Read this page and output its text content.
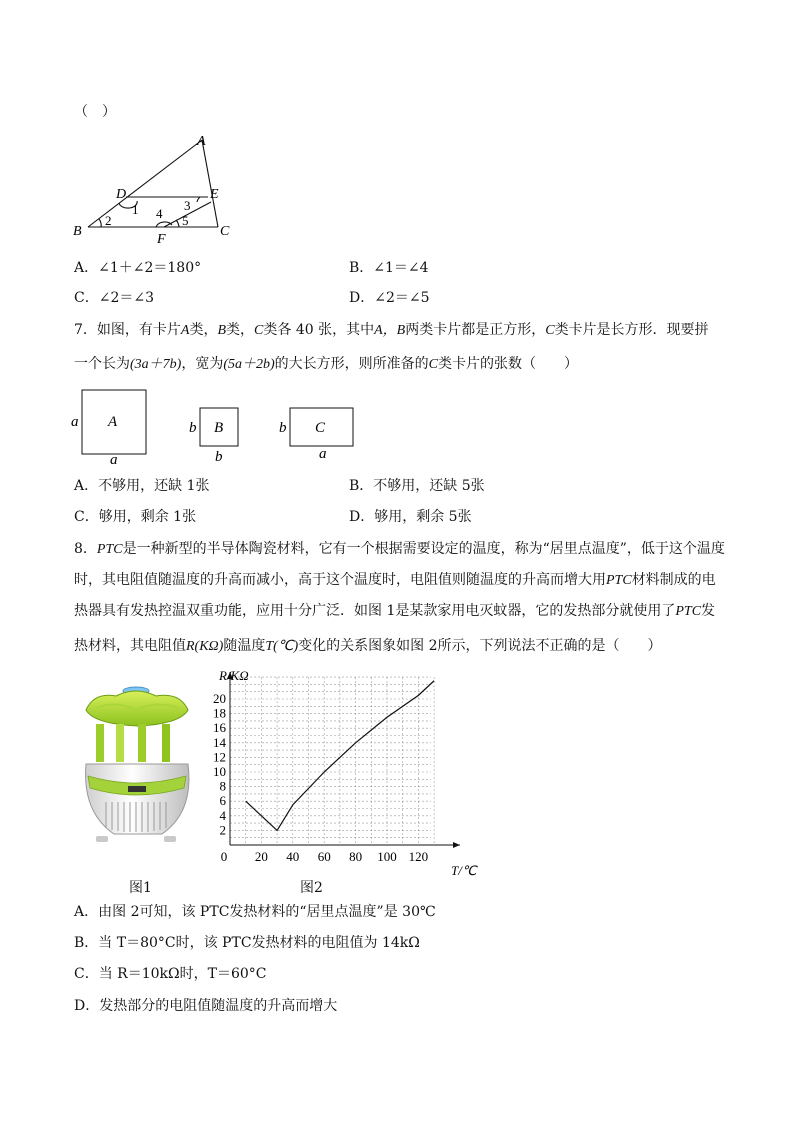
（　）
A
B	C
D	E
F
1
2
3
4 5
A．∠1＋∠2＝180°	B．∠1＝∠4
C．∠2＝∠3	D．∠2＝∠5
7．如图，有卡片A类，B类，C类各 40 张，其中A，B两类卡片都是正方形，C类卡片是长方形．现要拼
一个长为(3a＋7b)，宽为(5a＋2b)的大长方形，则所准备的C类卡片的张数（　　）
A
a
a
B
b
b
C
b
a
A．不够用，还缺 1张	B．不够用，还缺 5张
C．够用，剩余 1张	D．够用，剩余 5张
8．PTC是一种新型的半导体陶瓷材料，它有一个根据需要设定的温度，称为“居里点温度”，低于这个温度
时，其电阻值随温度的升高而减小，高于这个温度时，电阻值则随温度的升高而增大用PTC材料制成的电
热器具有发热控温双重功能，应用十分广泛．如图 1是某款家用电灭蚊器，它的发热部分就使用了PTC发
热材料，其电阻值R(KΩ)随温度T(℃)变化的关系图象如图 2所示，下列说法不正确的是（　　）
图1
0 20 40 60 80 100 120
2
4
6
8
10
12
14
16
18
20
R/KΩ
T/℃
图2
A．由图 2可知，该 PTC发热材料的“居里点温度”是 30℃
B．当 T＝80°C时，该 PTC发热材料的电阻值为 14kΩ
C．当 R＝10kΩ时，T＝60°C
D．发热部分的电阻值随温度的升高而增大
